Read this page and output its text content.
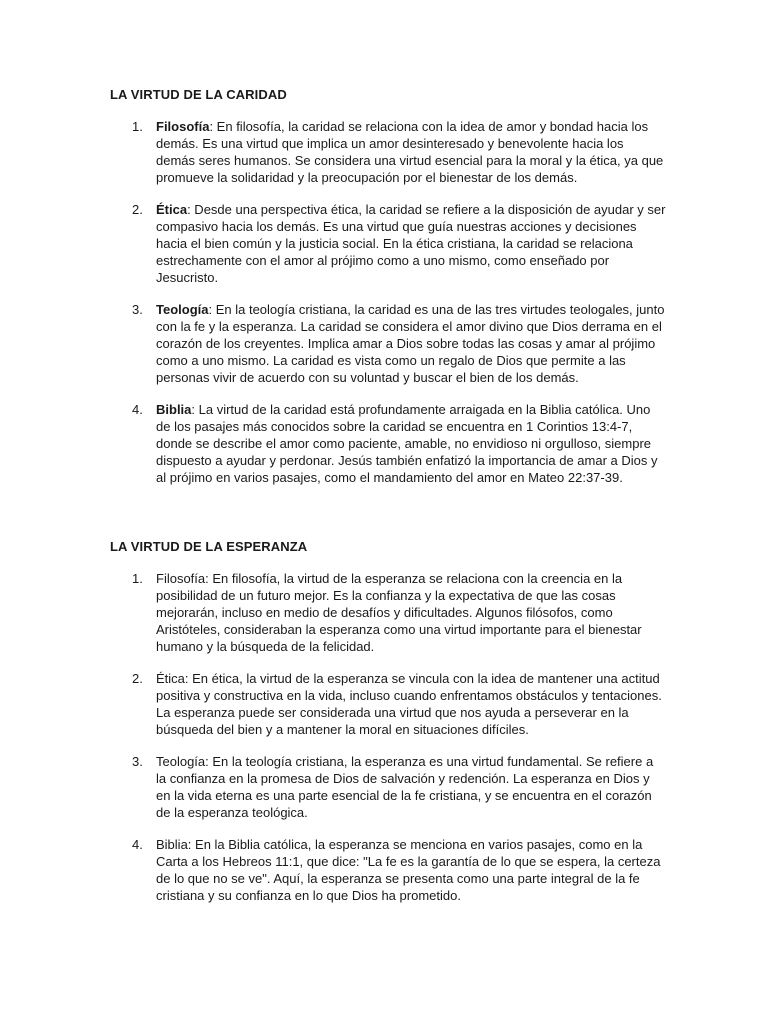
LA VIRTUD DE LA CARIDAD
1. Filosofía: En filosofía, la caridad se relaciona con la idea de amor y bondad hacia los demás. Es una virtud que implica un amor desinteresado y benevolente hacia los demás seres humanos. Se considera una virtud esencial para la moral y la ética, ya que promueve la solidaridad y la preocupación por el bienestar de los demás.
2. Ética: Desde una perspectiva ética, la caridad se refiere a la disposición de ayudar y ser compasivo hacia los demás. Es una virtud que guía nuestras acciones y decisiones hacia el bien común y la justicia social. En la ética cristiana, la caridad se relaciona estrechamente con el amor al prójimo como a uno mismo, como enseñado por Jesucristo.
3. Teología: En la teología cristiana, la caridad es una de las tres virtudes teologales, junto con la fe y la esperanza. La caridad se considera el amor divino que Dios derrama en el corazón de los creyentes. Implica amar a Dios sobre todas las cosas y amar al prójimo como a uno mismo. La caridad es vista como un regalo de Dios que permite a las personas vivir de acuerdo con su voluntad y buscar el bien de los demás.
4. Biblia: La virtud de la caridad está profundamente arraigada en la Biblia católica. Uno de los pasajes más conocidos sobre la caridad se encuentra en 1 Corintios 13:4-7, donde se describe el amor como paciente, amable, no envidioso ni orgulloso, siempre dispuesto a ayudar y perdonar. Jesús también enfatizó la importancia de amar a Dios y al prójimo en varios pasajes, como el mandamiento del amor en Mateo 22:37-39.
LA VIRTUD DE LA ESPERANZA
1. Filosofía: En filosofía, la virtud de la esperanza se relaciona con la creencia en la posibilidad de un futuro mejor. Es la confianza y la expectativa de que las cosas mejorarán, incluso en medio de desafíos y dificultades. Algunos filósofos, como Aristóteles, consideraban la esperanza como una virtud importante para el bienestar humano y la búsqueda de la felicidad.
2. Ética: En ética, la virtud de la esperanza se vincula con la idea de mantener una actitud positiva y constructiva en la vida, incluso cuando enfrentamos obstáculos y tentaciones. La esperanza puede ser considerada una virtud que nos ayuda a perseverar en la búsqueda del bien y a mantener la moral en situaciones difíciles.
3. Teología: En la teología cristiana, la esperanza es una virtud fundamental. Se refiere a la confianza en la promesa de Dios de salvación y redención. La esperanza en Dios y en la vida eterna es una parte esencial de la fe cristiana, y se encuentra en el corazón de la esperanza teológica.
4. Biblia: En la Biblia católica, la esperanza se menciona en varios pasajes, como en la Carta a los Hebreos 11:1, que dice: "La fe es la garantía de lo que se espera, la certeza de lo que no se ve". Aquí, la esperanza se presenta como una parte integral de la fe cristiana y su confianza en lo que Dios ha prometido.
